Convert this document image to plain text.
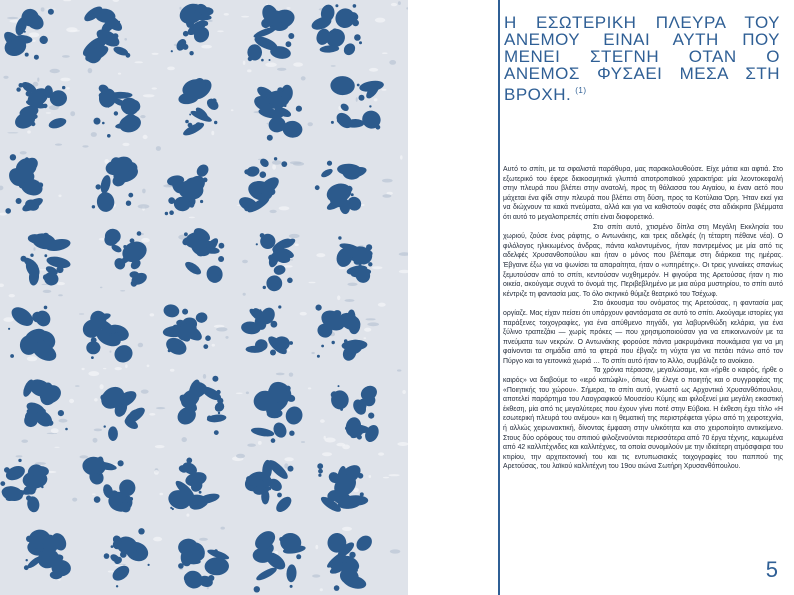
Η ΕΣΩΤΕΡΙΚΗ ΠΛΕΥΡΑ ΤΟΥ ΑΝΕΜΟΥ ΕΙΝΑΙ ΑΥΤΗ ΠΟΥ ΜΕΝΕΙ ΣΤΕΓΝΗ ΟΤΑΝ Ο ΑΝΕΜΟΣ ΦΥΣΑΕΙ ΜΕΣΑ ΣΤΗ ΒΡΟΧΗ. $^{(1)}$

Αυτό το σπίτι, με τα σφαλιστά παράθυρα, μας παρακολουθούσε. Είχε μάτια και αφτιά. Στο εξωτερικό του έφερε διακοσμητικά γλυπτά αποτροπαϊκού χαρακτήρα: μία λεοντοκεφαλή στην πλευρά που βλέπει στην ανατολή, προς τη θάλασσα του Αιγαίου, κι έναν αετό που μάχεται ένα φίδι στην πλευρά που βλέπει στη δύση, προς τα Κοτύλαια Όρη. Ήταν εκεί για να διώχνουν τα κακά πνεύματα, αλλά και για να καθιστούν σαφές στα αδιάκριτα βλέμματα ότι αυτό το μεγαλοπρεπές σπίτι είναι διαφορετικό.

Στο σπίτι αυτό, χτισμένο δίπλα στη Μεγάλη Εκκλησία του χωριού, ζούσε ένας ράφτης, ο Αντωνάκης, και τρεις αδελφές (η τέταρτη πέθανε νέα). Ο φιλόλογος ηλικιωμένος άνδρας, πάντα καλοντυμένος, ήταν παντρεμένος με μία από τις αδελφές Χρυσανθοπούλου και ήταν ο μόνος που βλέπαμε στη διάρκεια της ημέρας. Έβγαινε έξω για να ψωνίσει τα απαραίτητα, ήταν ο «υπηρέτης». Οι τρεις γυναίκες σπανίως ξεμυτούσαν από το σπίτι, κεντούσαν νυχθημερόν. Η φιγούρα της Αρετούσας ήταν η πιο οικεία, ακούγαμε συχνά το όνομά της. Περιβεβλημένο με μια αύρα μυστηρίου, το σπίτι αυτό κέντριζε τη φαντασία μας. Το όλο σκηνικό θύμιζε θεατρικό του Τσέχωφ.

Στο άκουσμα του ονόματος της Αρετούσας, η φαντασία μας οργίαζε. Μας είχαν πείσει ότι υπάρχουν φαντάσματα σε αυτό το σπίτι. Ακούγαμε ιστορίες για παράξενες τοιχογραφίες, για ένα απύθμενο πηγάδι, για λαβυρινθώδη κελάρια, για ένα ξύλινο τραπεζάκι — χωρίς πρόκες — που χρησιμοποιούσαν για να επικοινωνούν με τα πνεύματα των νεκρών. Ο Αντωνάκης φορούσε πάντα μακρυμάνικα πουκάμισα για να μη φαίνονται τα σημάδια από τα φτερά που έβγαζε τη νύχτα για να πετάει πάνω από τον Πύργο και τα γειτονικά χωριά … Το σπίτι αυτό ήταν το Άλλο, συμβόλιζε το ανοίκειο.

Τα χρόνια πέρασαν, μεγαλώσαμε, και «ήρθε ο καιρός, ήρθε ο καιρός» να διαβούμε το «ιερό κατώφλι», όπως θα έλεγε ο ποιητής και ο συγγραφέας της «Ποιητικής του χώρου». Σήμερα, το σπίτι αυτό, γνωστό ως Αρχοντικό Χρυσανθόπουλου, αποτελεί παράρτημα του Λαογραφικού Μουσείου Κύμης και φιλοξενεί μια μεγάλη εικαστική έκθεση, μία από τις μεγαλύτερες που έχουν γίνει ποτέ στην Εύβοια. Η έκθεση έχει τίτλο «Η εσωτερική πλευρά του ανέμου» και η θεματική της περιστρέφεται γύρω από τη χειροτεχνία, ή αλλιώς χειρωνακτική, δίνοντας έμφαση στην υλικότητα και στο χειροποίητο αντικείμενο. Στους δύο ορόφους του σπιτιού φιλοξενούνται περισσότερα από 70 έργα τέχνης, καμωμένα από 42 καλλιτέχνιδες και καλλιτέχνες, τα οποία συνομιλούν με την ιδιαίτερη ατμόσφαιρα του κτιρίου, την αρχιτεκτονική του και τις εντυπωσιακές τοιχογραφίες του παππού της Αρετούσας, του λαϊκού καλλιτέχνη του 19ου αιώνα Σωτήρη Χρυσανθόπουλου.

5
